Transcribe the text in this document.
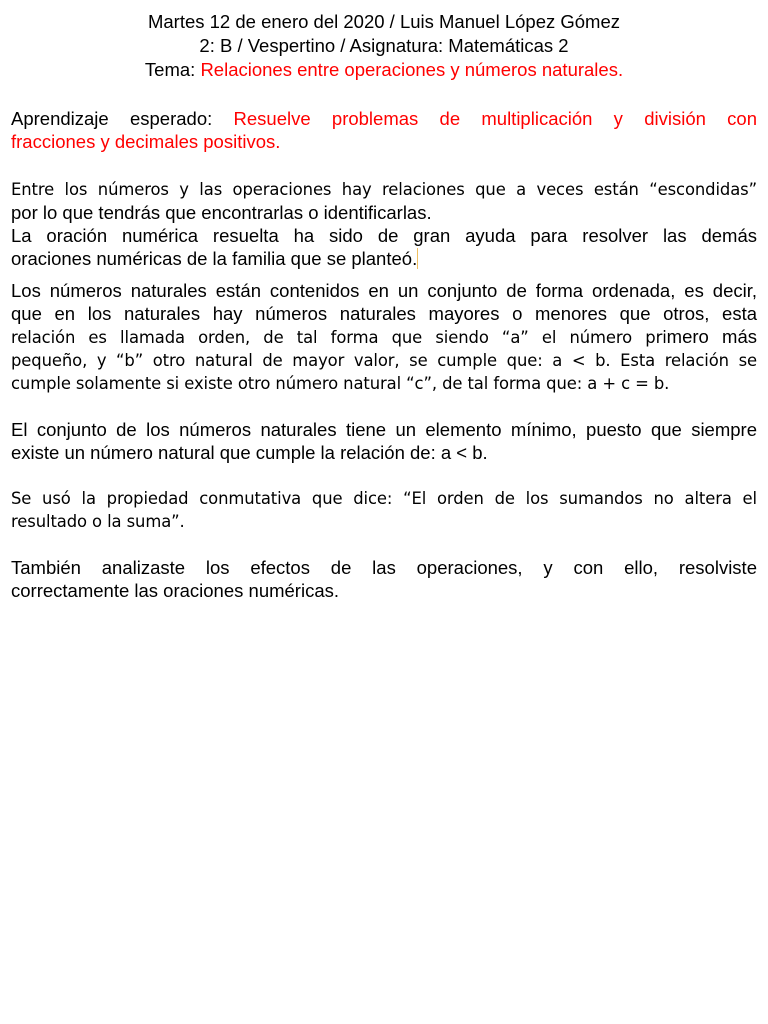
Martes 12 de enero del 2020 / Luis Manuel López Gómez
2: B / Vespertino / Asignatura: Matemáticas 2
Tema: Relaciones entre operaciones y números naturales.
Aprendizaje esperado: Resuelve problemas de multiplicación y división con
fracciones y decimales positivos.
Entre los números y las operaciones hay relaciones que a veces están “escondidas”
por lo que tendrás que encontrarlas o identificarlas.
La oración numérica resuelta ha sido de gran ayuda para resolver las demás
oraciones numéricas de la familia que se planteó.
Los números naturales están contenidos en un conjunto de forma ordenada, es decir,
que en los naturales hay números naturales mayores o menores que otros, esta
relación es llamada orden, de tal forma que siendo “a” el número primero más
pequeño, y “b” otro natural de mayor valor, se cumple que: a < b. Esta relación se
cumple solamente si existe otro número natural “c”, de tal forma que: a + c = b.
El conjunto de los números naturales tiene un elemento mínimo, puesto que siempre
existe un número natural que cumple la relación de: a < b.
Se usó la propiedad conmutativa que dice: “El orden de los sumandos no altera el
resultado o la suma”.
También analizaste los efectos de las operaciones, y con ello, resolviste
correctamente las oraciones numéricas.
